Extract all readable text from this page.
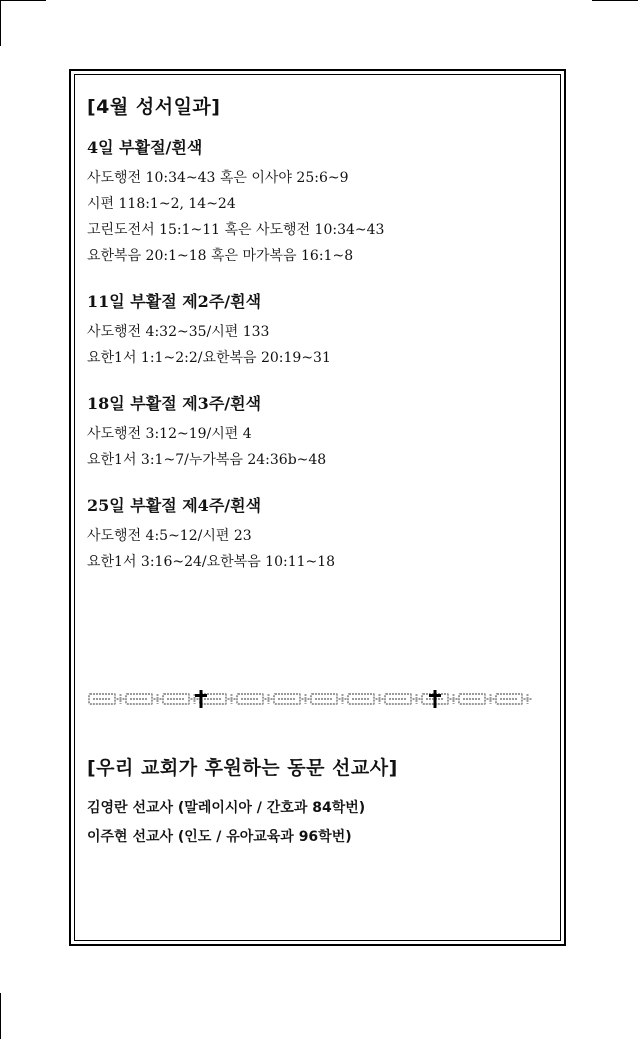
[4월 성서일과]
4일 부활절/흰색
사도행전 10:34~43 혹은 이사야 25:6~9
시편 118:1~2, 14~24
고린도전서 15:1~11 혹은 사도행전 10:34~43
요한복음 20:1~18 혹은 마가복음 16:1~8
11일 부활절 제2주/흰색
사도행전 4:32~35/시편 133
요한1서 1:1~2:2/요한복음 20:19~31
18일 부활절 제3주/흰색
사도행전 3:12~19/시편 4
요한1서 3:1~7/누가복음 24:36b~48
25일 부활절 제4주/흰색
사도행전 4:5~12/시편 23
요한1서 3:16~24/요한복음 10:11~18
[우리 교회가 후원하는 동문 선교사]
김영란 선교사 (말레이시아 / 간호과 84학번)
이주현 선교사 (인도 / 유아교육과 96학번)
